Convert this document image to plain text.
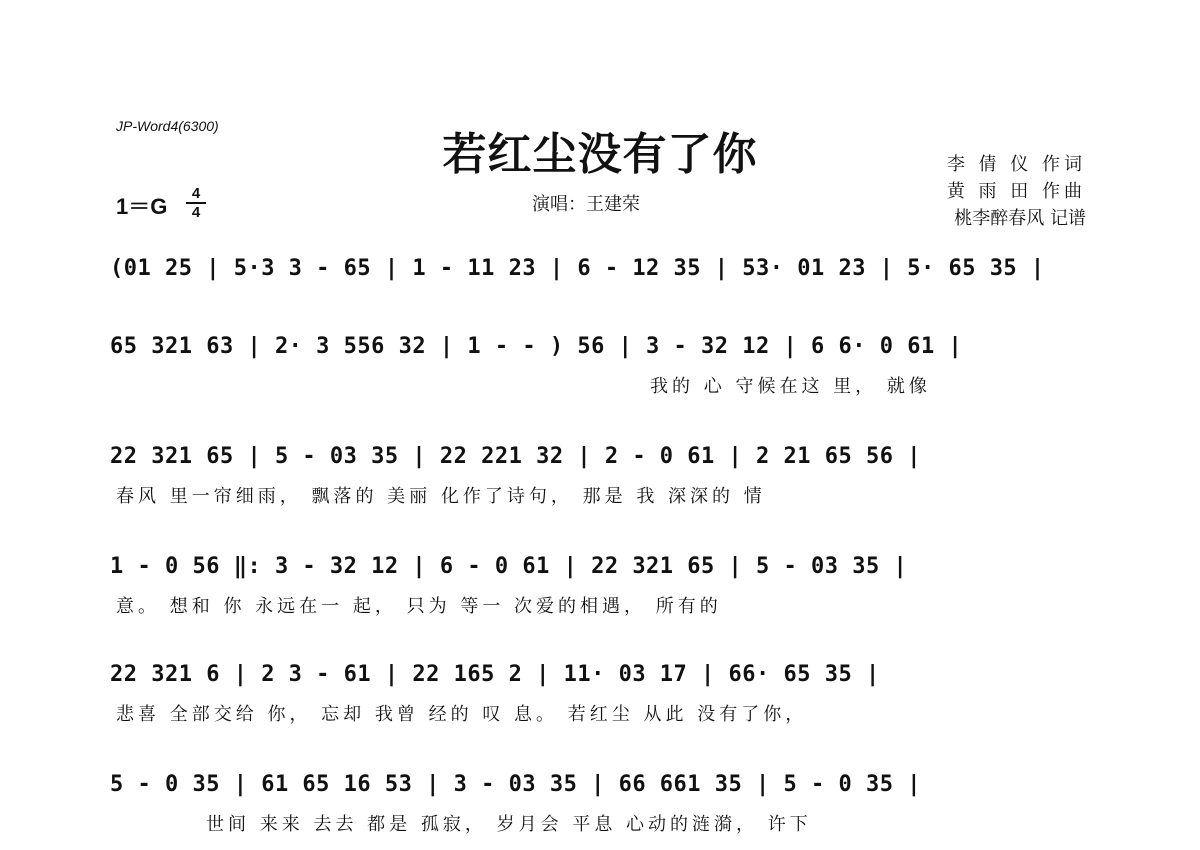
JP-Word4(6300)
若红尘没有了你
演唱：王建荣
李 倩 仪 作词
黄 雨 田 作曲
桃李醉春风 记谱
1＝G
4
4
(01 25 | 5·3 3 - 65 | 1 - 11 23 | 6 - 12 35 | 53· 01 23 | 5· 65 35 |
65 321 63 | 2· 3 556 32 | 1 - - ) 56 | 3 - 32 12 | 6 6· 0 61 |
我的 心 守候在这 里， 就像
22 321 65 | 5 - 03 35 | 22 221 32 | 2 - 0 61 | 2 21 65 56 |
春风 里一帘细雨， 飘落的 美丽 化作了诗句， 那是 我 深深的 情
1 - 0 56 ‖: 3 - 32 12 | 6 - 0 61 | 22 321 65 | 5 - 03 35 |
意。 想和 你 永远在一 起， 只为 等一 次爱的相遇， 所有的
22 321 6 | 2 3 - 61 | 22 165 2 | 11· 03 17 | 66· 65 35 |
悲喜 全部交给 你， 忘却 我曾 经的 叹 息。 若红尘 从此 没有了你，
5 - 0 35 | 61 65 16 53 | 3 - 03 35 | 66 661 35 | 5 - 0 35 |
世间 来来 去去 都是 孤寂， 岁月会 平息 心动的涟漪， 许下
